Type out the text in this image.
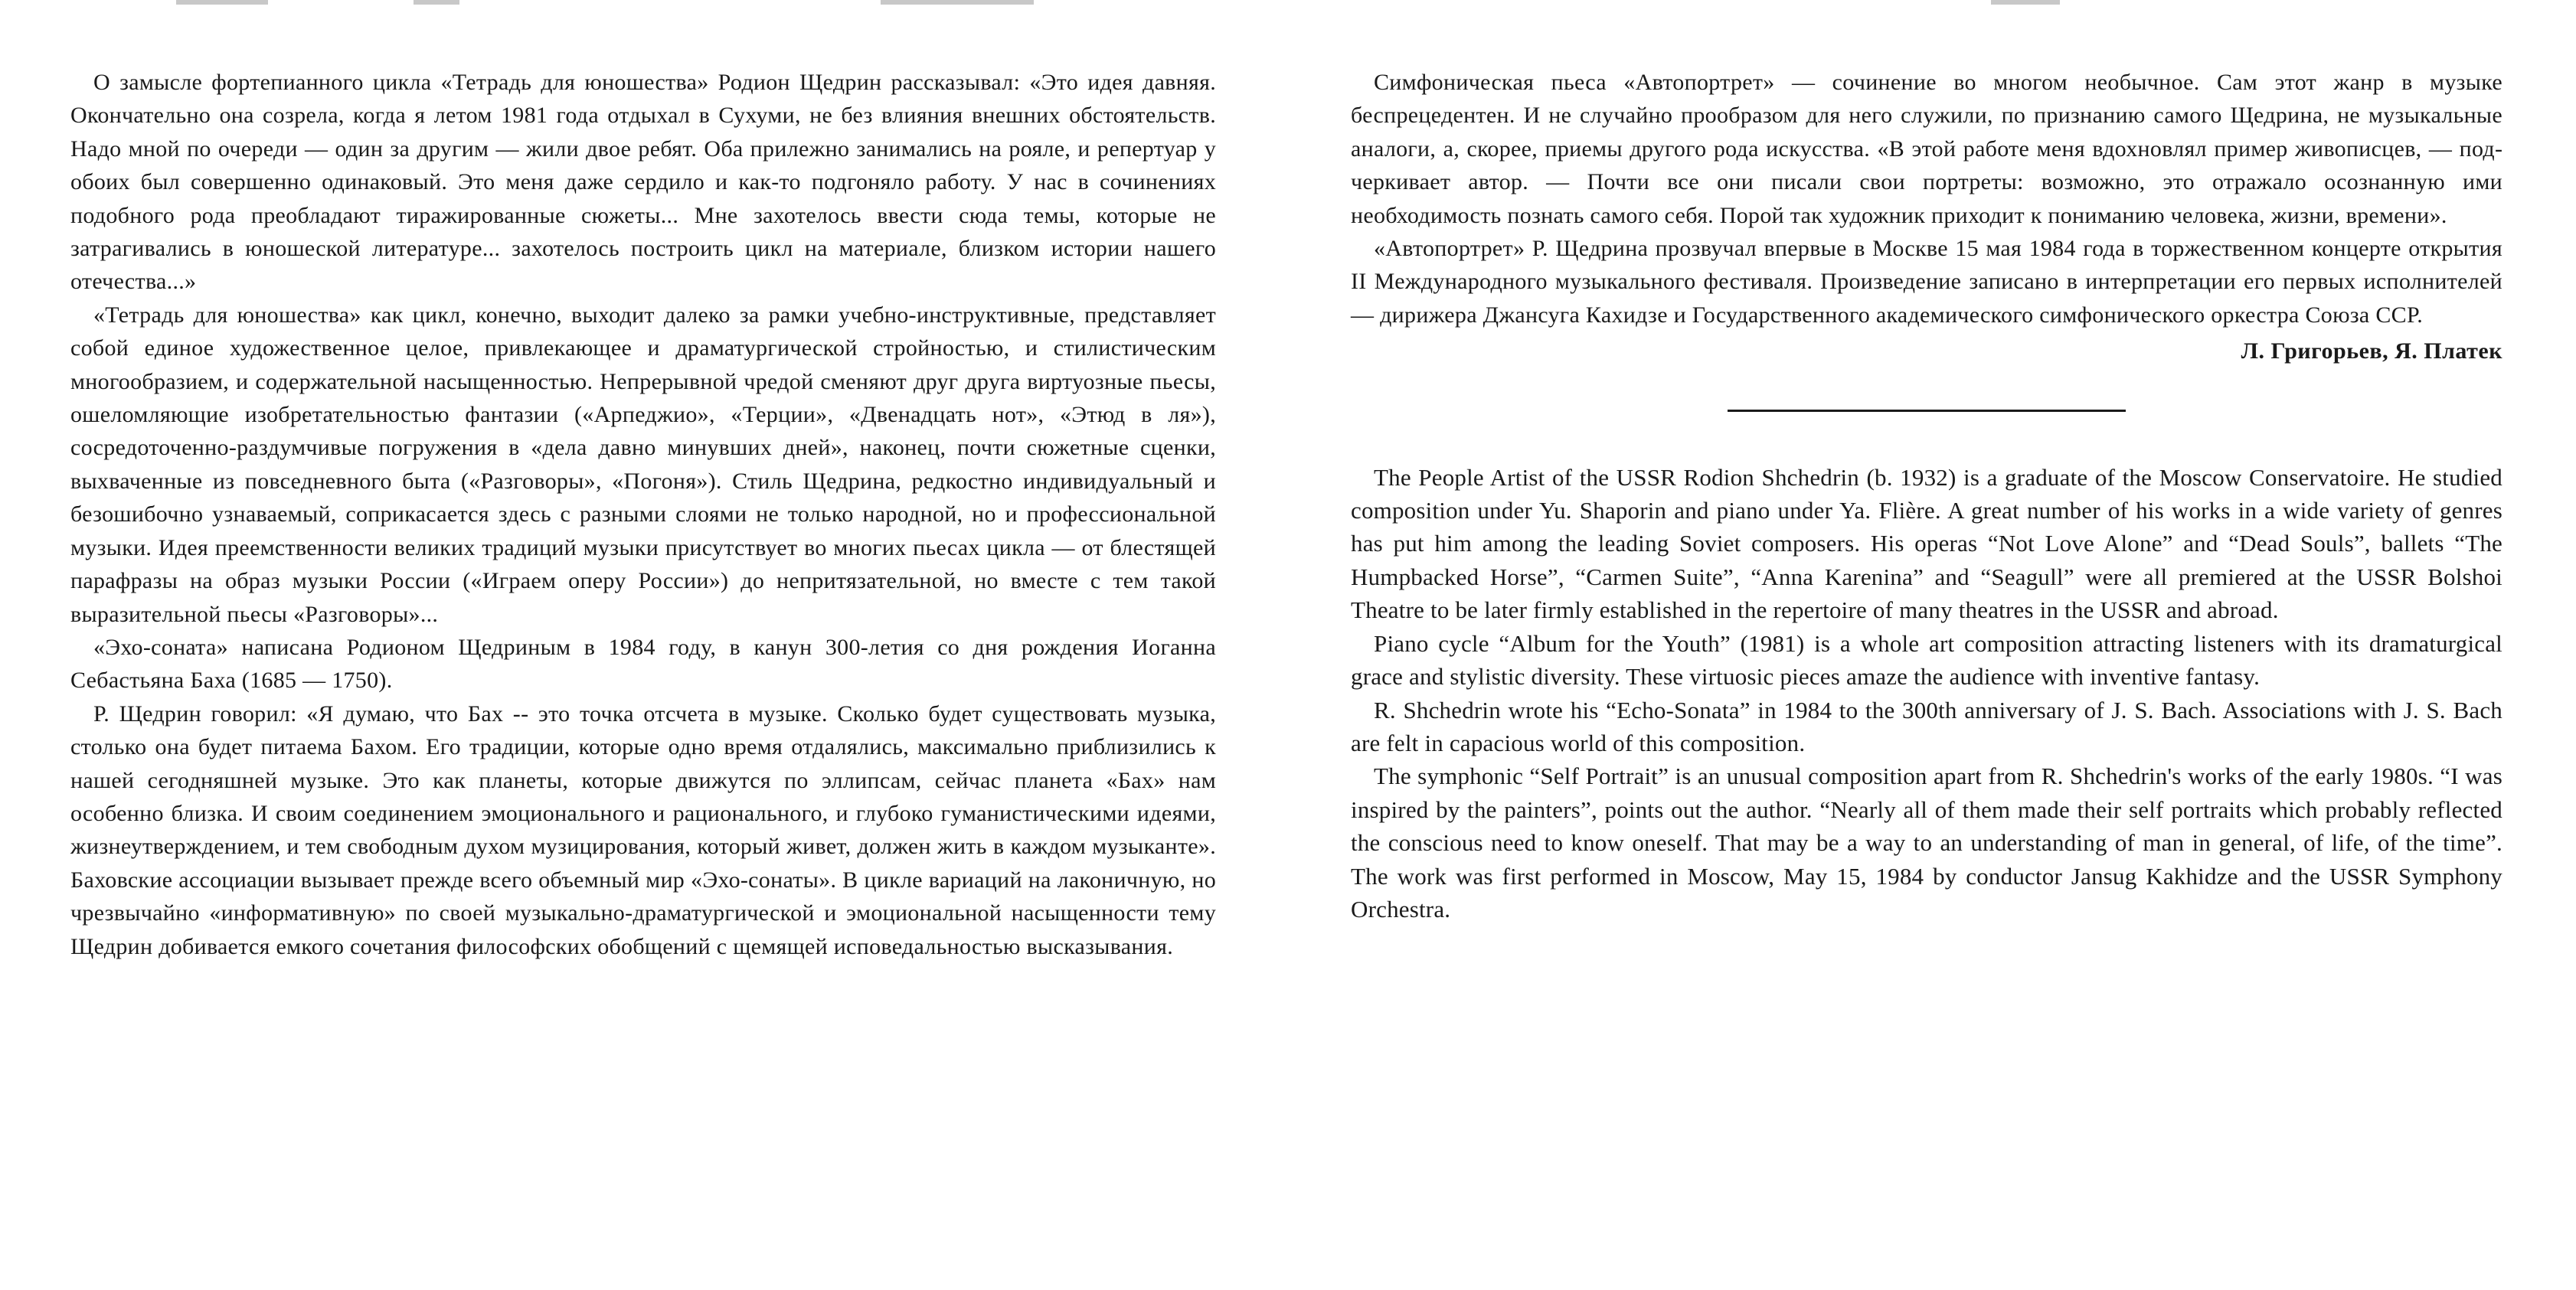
О замысле фортепианного цикла «Тетрадь для юношества» Родион Щедрин рассказывал: «Это идея давняя. Окончательно она созрела, когда я летом 1981 года отдыхал в Сухуми, не без влияния внешних обстоятельств. Надо мной по очереди — один за другим — жили двое ребят. Оба прилежно занимались на рояле, и репертуар у обоих был совершенно одинаковый. Это меня даже сердило и как-то подгоняло работу. У нас в сочинениях подобного рода преобладают тиражированные сюжеты... Мне захотелось ввести сюда темы, которые не затрагивались в юношеской литературе... захотелось построить цикл на материале, близком истории нашего отечества...»

«Тетрадь для юношества» как цикл, конечно, выходит далеко за рамки учебно-инструктивные, представляет собой единое художественное целое, привлекающее и драматургической стройностью, и стилистическим многообразием, и содержательной насыщенностью. Непрерывной чредой сменяют друг друга виртуозные пьесы, ошеломляющие изобретательностью фантазии («Арпеджио», «Терции», «Двенадцать нот», «Этюд в ля»), сосредоточенно-раздумчивые погружения в «дела давно минувших дней», наконец, почти сюжетные сценки, выхваченные из повседневного быта («Разговоры», «Погоня»). Стиль Щедрина, редкостно индивидуальный и безошибочно узнаваемый, соприкасается здесь с разными слоями не только народной, но и профессиональной музыки. Идея преемственности великих традиций музыки присутствует во многих пьесах цикла — от блестящей парафразы на образ музыки России («Играем оперу России») до непритязательной, но вместе с тем такой выразительной пьесы «Разговоры»...

«Эхо-соната» написана Родионом Щедриным в 1984 году, в канун 300-летия со дня рождения Иоганна Себастьяна Баха (1685 — 1750).

Р. Щедрин говорил: «Я думаю, что Бах -- это точка отсчета в музыке. Сколько будет существовать музыка, столько она будет питаема Бахом. Его традиции, которые одно время отдалялись, максимально приблизились к нашей сегодняшней музыке. Это как планеты, которые движутся по эллипсам, сейчас планета «Бах» нам особенно близка. И своим соединением эмоционального и рационального, и глубоко гуманистическими идеями, жизнеутверждением, и тем свободным духом музицирования, который живет, должен жить в каждом музыканте». Баховские ассоциации вызывает прежде всего объемный мир «Эхо-сонаты». В цикле вариаций на лаконичную, но чрезвычайно «информативную» по своей музыкально-драматургической и эмоциональной насыщенности тему Щедрин добивается емкого сочетания философских обобщений с щемящей исповедальностью высказывания.

Симфоническая пьеса «Автопортрет» — сочинение во многом необычное. Сам этот жанр в музыке беспрецедентен. И не случайно прообразом для него служили, по признанию самого Щедрина, не музыкальные аналоги, а, скорее, приемы другого рода искусства. «В этой работе меня вдохновлял пример живописцев, — подчеркивает автор. — Почти все они писали свои портреты: возможно, это отражало осознанную ими необходимость познать самого себя. Порой так художник приходит к пониманию человека, жизни, времени».

«Автопортрет» Р. Щедрина прозвучал впервые в Москве 15 мая 1984 года в торжественном концерте открытия II Международного музыкального фестиваля. Произведение записано в интерпретации его первых исполнителей — дирижера Джансуга Кахидзе и Государственного академического симфонического оркестра Союза ССР.

Л. Григорьев, Я. Платек

The People Artist of the USSR Rodion Shchedrin (b. 1932) is a graduate of the Moscow Conservatoire. He studied composition under Yu. Shaporin and piano under Ya. Flière. A great number of his works in a wide variety of genres has put him among the leading Soviet composers. His operas “Not Love Alone” and “Dead Souls”, ballets “The Humpbacked Horse”, “Carmen Suite”, “Anna Karenina” and “Seagull” were all premiered at the USSR Bolshoi Theatre to be later firmly established in the repertoire of many theatres in the USSR and abroad.

Piano cycle “Album for the Youth” (1981) is a whole art composition attracting listeners with its dramaturgical grace and stylistic diversity. These virtuosic pieces amaze the audience with inventive fantasy.

R. Shchedrin wrote his “Echo-Sonata” in 1984 to the 300th anniversary of J. S. Bach. Associations with J. S. Bach are felt in capacious world of this composition.

The symphonic “Self Portrait” is an unusual composition apart from R. Shchedrin's works of the early 1980s. “I was inspired by the painters”, points out the author. “Nearly all of them made their self portraits which probably reflected the conscious need to know oneself. That may be a way to an understanding of man in general, of life, of the time”. The work was first performed in Moscow, May 15, 1984 by conductor Jansug Kakhidze and the USSR Symphony Orchestra.
